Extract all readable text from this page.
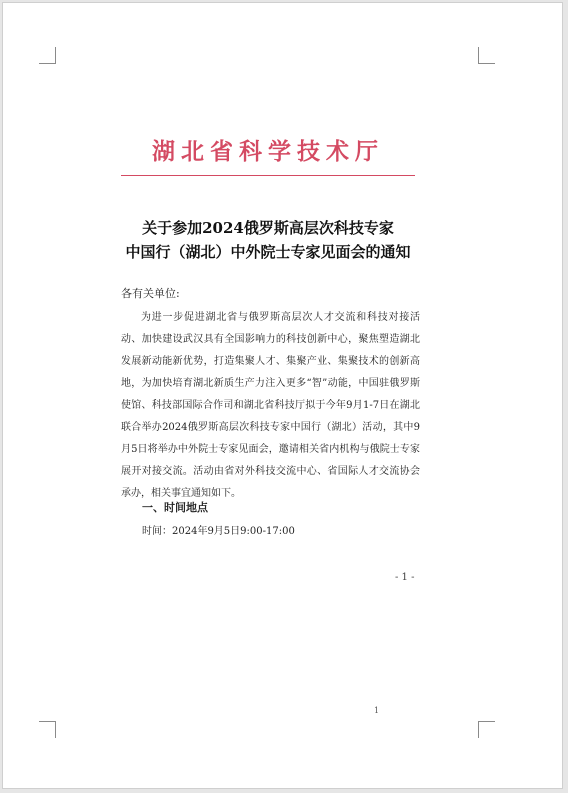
湖北省科学技术厅
关于参加2024俄罗斯高层次科技专家
中国行（湖北）中外院士专家见面会的通知
各有关单位:
为进一步促进湖北省与俄罗斯高层次人才交流和科技对接活动、加快建设武汉具有全国影响力的科技创新中心，聚焦塑造湖北发展新动能新优势，打造集聚人才、集聚产业、集聚技术的创新高地，为加快培育湖北新质生产力注入更多“智”动能，中国驻俄罗斯使馆、科技部国际合作司和湖北省科技厅拟于今年9月1-7日在湖北联合举办2024俄罗斯高层次科技专家中国行（湖北）活动，其中9月5日将举办中外院士专家见面会，邀请相关省内机构与俄院士专家展开对接交流。活动由省对外科技交流中心、省国际人才交流协会承办，相关事宜通知如下。
一、时间地点
时间：2024年9月5日9:00-17:00
- 1 -
1
